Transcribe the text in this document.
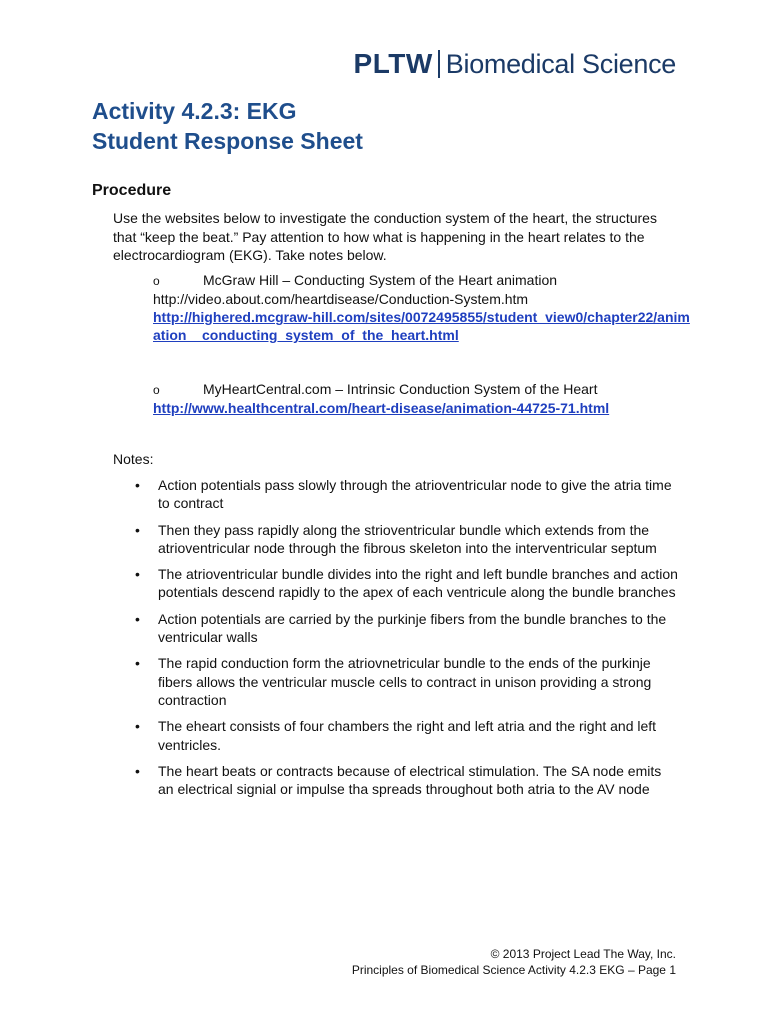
PLTW Biomedical Science
Activity 4.2.3: EKG
Student Response Sheet
Procedure

Use the websites below to investigate the conduction system of the heart, the structures that “keep the beat.” Pay attention to how what is happening in the heart relates to the electrocardiogram (EKG). Take notes below.

o	McGraw Hill – Conducting System of the Heart animation
http://video.about.com/heartdisease/Conduction-System.htm
http://highered.mcgraw-hill.com/sites/0072495855/student_view0/chapter22/animation__conducting_system_of_the_heart.html
o	MyHeartCentral.com – Intrinsic Conduction System of the Heart
http://www.healthcentral.com/heart-disease/animation-44725-71.html
Notes:
• Action potentials pass slowly through the atrioventricular node to give the atria time to contract
• Then they pass rapidly along the strioventricular bundle which extends from the atrioventricular node through the fibrous skeleton into the interventricular septum
• The atrioventricular bundle divides into the right and left bundle branches and action potentials descend rapidly to the apex of each ventricule along the bundle branches
• Action potentials are carried by the purkinje fibers from the bundle branches to the ventricular walls
• The rapid conduction form the atriovnetricular bundle to the ends of the purkinje fibers allows the ventricular muscle cells to contract in unison providing a strong contraction
• The eheart consists of four chambers the right and left atria and the right and left ventricles.
• The heart beats or contracts because of electrical stimulation. The SA node emits an electrical signial or impulse tha spreads throughout both atria to the AV node
© 2013 Project Lead The Way, Inc.
Principles of Biomedical Science Activity 4.2.3 EKG – Page 1
